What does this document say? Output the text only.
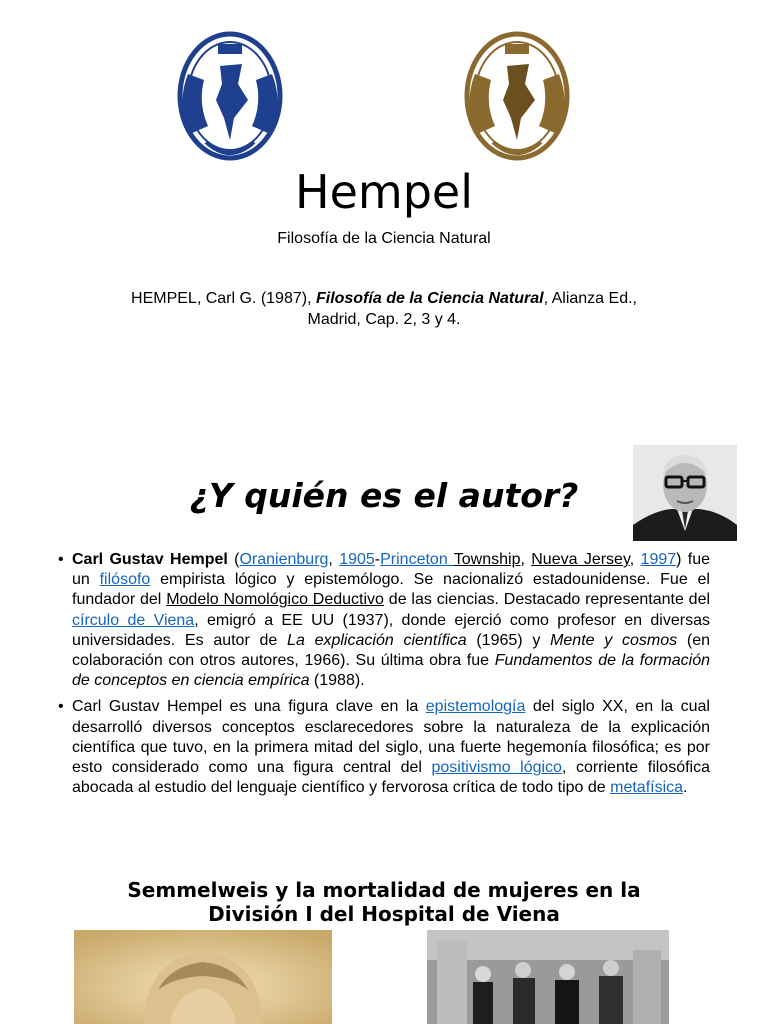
Hempel
Filosofía de la Ciencia Natural
HEMPEL, Carl G. (1987), Filosofía de la Ciencia Natural, Alianza Ed., Madrid, Cap. 2, 3 y 4.
¿Y quién es el autor?
• Carl Gustav Hempel (Oranienburg, 1905-Princeton Township, Nueva Jersey, 1997) fue un filósofo empirista lógico y epistemólogo. Se nacionalizó estadounidense. Fue el fundador del Modelo Nomológico Deductivo de las ciencias. Destacado representante del círculo de Viena, emigró a EE UU (1937), donde ejerció como profesor en diversas universidades. Es autor de La explicación científica (1965) y Mente y cosmos (en colaboración con otros autores, 1966). Su última obra fue Fundamentos de la formación de conceptos en ciencia empírica (1988).
• Carl Gustav Hempel es una figura clave en la epistemología del siglo XX, en la cual desarrolló diversos conceptos esclarecedores sobre la naturaleza de la explicación científica que tuvo, en la primera mitad del siglo, una fuerte hegemonía filosófica; es por esto considerado como una figura central del positivismo lógico, corriente filosófica abocada al estudio del lenguaje científico y fervorosa crítica de todo tipo de metafísica.
Semmelweis y la mortalidad de mujeres en la División I del Hospital de Viena
